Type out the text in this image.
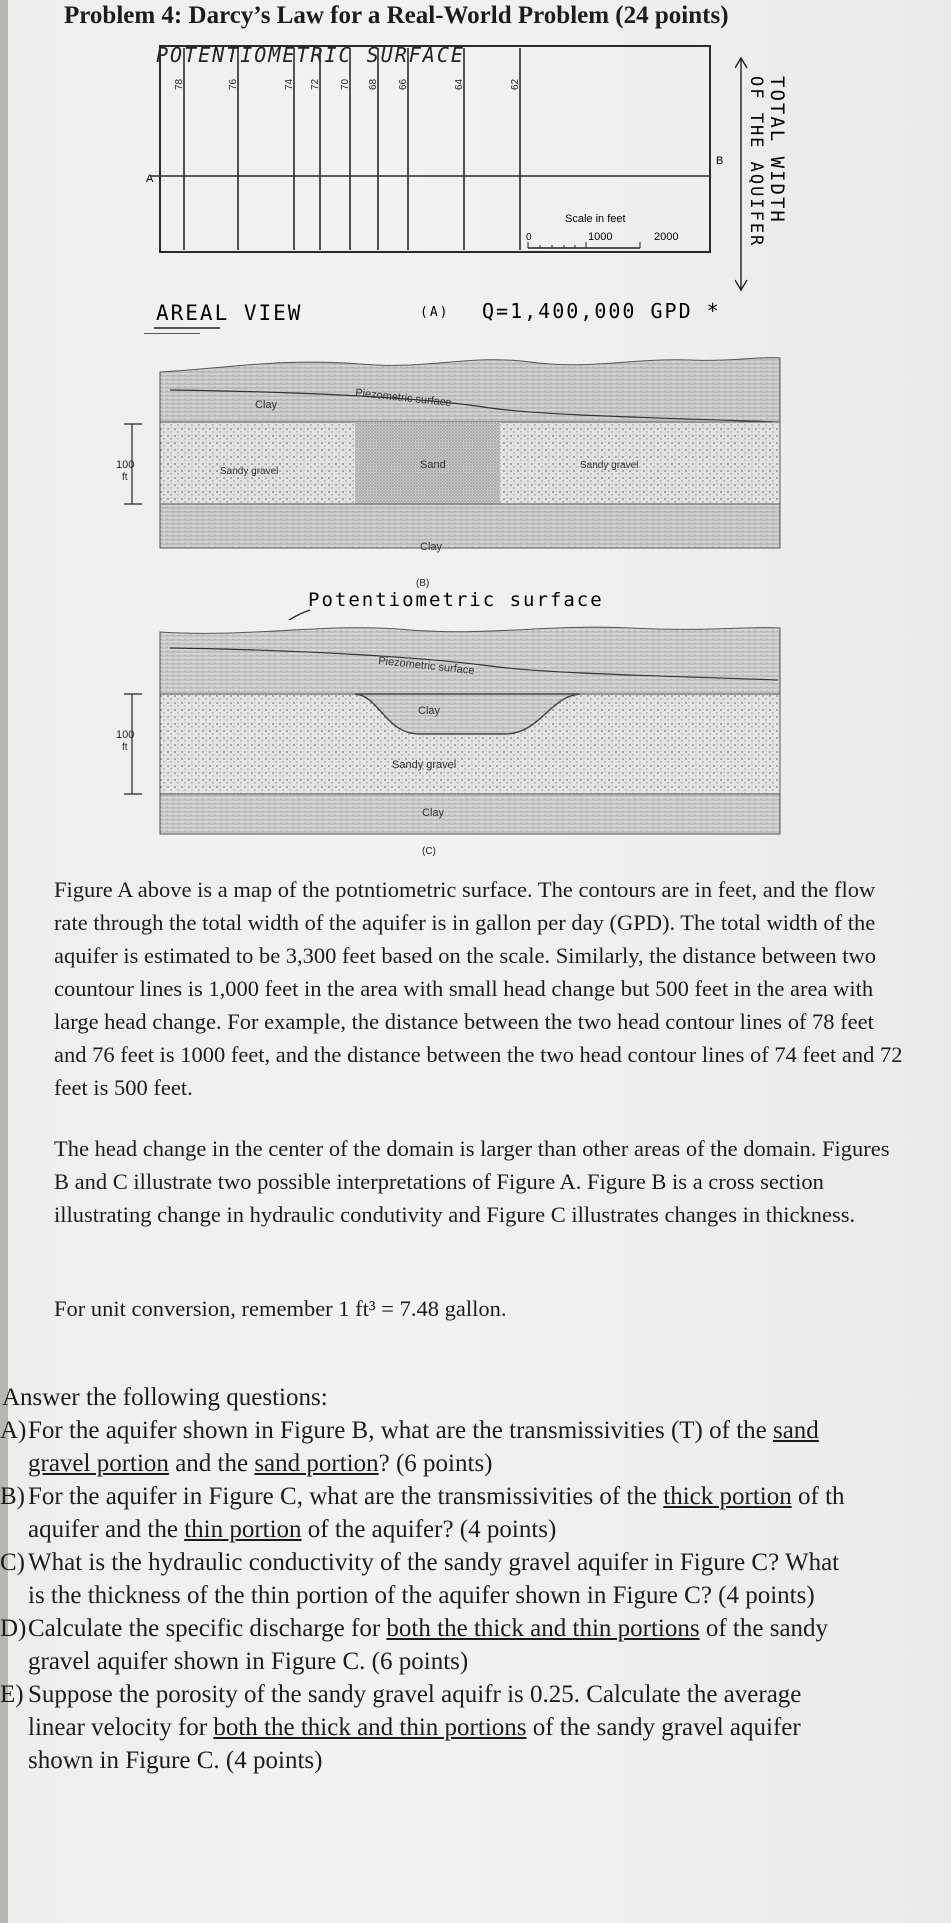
Problem 4: Darcy’s Law for a Real-World Problem (24 points)
POTENTIOMETRIC SURFACE
A
B
78	76	74 72 70 68 66	64	62
Scale in feet
0	1000	2000
AREAL VIEW	(A) Q=1,400,000 GPD *
TOTAL WIDTH
OF THE AQUIFER
Clay	Piezometric surface
100
ft
Sandy gravel
Sand	Sandy gravel
Clay
(B)
Potentiometric surface
Piezometric surface
Clay
100
ft
Sandy gravel
Clay
(C)

Figure A above is a map of the potntiometric surface. The contours are in feet, and the flow rate through the total width of the aquifer is in gallon per day (GPD). The total width of the aquifer is estimated to be 3,300 feet based on the scale. Similarly, the distance between two countour lines is 1,000 feet in the area with small head change but 500 feet in the area with large head change. For example, the distance between the two head contour lines of 78 feet and 76 feet is 1000 feet, and the distance between the two head contour lines of 74 feet and 72 feet is 500 feet.

The head change in the center of the domain is larger than other areas of the domain. Figures B and C illustrate two possible interpretations of Figure A. Figure B is a cross section illustrating change in hydraulic condutivity and Figure C illustrates changes in thickness.

For unit conversion, remember 1 ft³ = 7.48 gallon.

Answer the following questions:
A) For the aquifer shown in Figure B, what are the transmissivities (T) of the sand
gravel portion and the sand portion? (6 points)
B) For the aquifer in Figure C, what are the transmissivities of the thick portion of th
aquifer and the thin portion of the aquifer? (4 points)
C) What is the hydraulic conductivity of the sandy gravel aquifer in Figure C? What
is the thickness of the thin portion of the aquifer shown in Figure C? (4 points)
D) Calculate the specific discharge for both the thick and thin portions of the sandy
gravel aquifer shown in Figure C. (6 points)
E) Suppose the porosity of the sandy gravel aquifr is 0.25. Calculate the average
linear velocity for both the thick and thin portions of the sandy gravel aquifer
shown in Figure C. (4 points)
